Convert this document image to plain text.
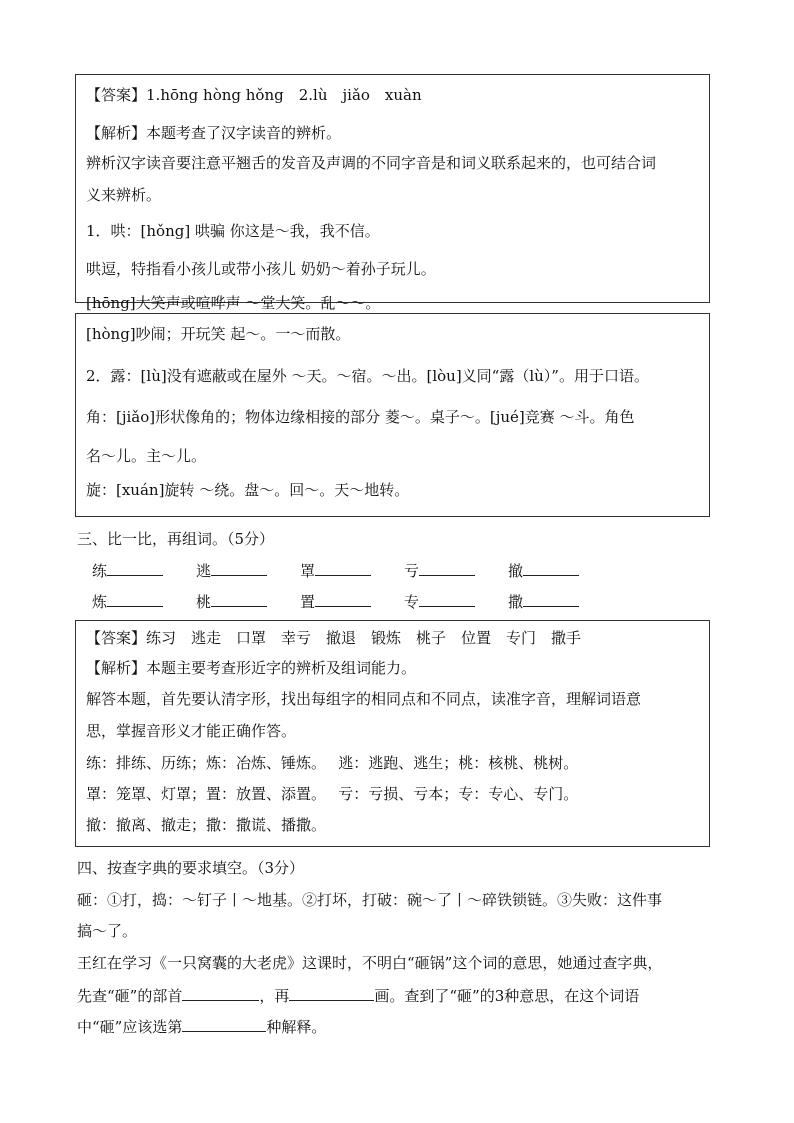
【答案】1.hōng hòng hǒng　2.lù　jiǎo　xuàn
【解析】本题考查了汉字读音的辨析。
辨析汉字读音要注意平翘舌的发音及声调的不同字音是和词义联系起来的，也可结合词
义来辨析。
1．哄：[hǒng] 哄骗 你这是～我，我不信。
哄逗，特指看小孩儿或带小孩儿 奶奶～着孙子玩儿。
[hōng]大笑声或喧哗声 ～堂大笑。乱～～。
[hòng]吵闹；开玩笑 起～。一～而散。
2．露：[lù]没有遮蔽或在屋外 ～天。～宿。～出。[lòu]义同“露（lù）”。用于口语。
角：[jiǎo]形状像角的；物体边缘相接的部分 菱～。桌子～。[jué]竞赛 ～斗。角色
名～儿。主～儿。
旋：[xuán]旋转 ～绕。盘～。回～。天～地转。
三、比一比，再组词。（5分）
练	逃	罩	亏	撤
炼	桃	置	专	撒
【答案】练习　逃走　口罩　幸亏　撤退　锻炼　桃子　位置　专门　撒手
【解析】本题主要考查形近字的辨析及组词能力。
解答本题，首先要认清字形，找出每组字的相同点和不同点，读准字音，理解词语意
思，掌握音形义才能正确作答。
练：排练、历练；炼：冶炼、锤炼。　 逃：逃跑、逃生；桃：核桃、桃树。
罩：笼罩、灯罩；置：放置、添置。　 亏：亏损、亏本；专：专心、专门。
撤：撤离、撤走；撒：撒谎、播撒。
四、按查字典的要求填空。（3分）
砸：①打，捣：～钉子丨～地基。②打坏，打破：碗～了丨～碎铁锁链。③失败：这件事
搞～了。
王红在学习《一只窝囊的大老虎》这课时，不明白“砸锅”这个词的意思，她通过查字典，
先查“砸”的部首	，再	画。查到了“砸”的3种意思，在这个词语
中“砸”应该选第	种解释。
